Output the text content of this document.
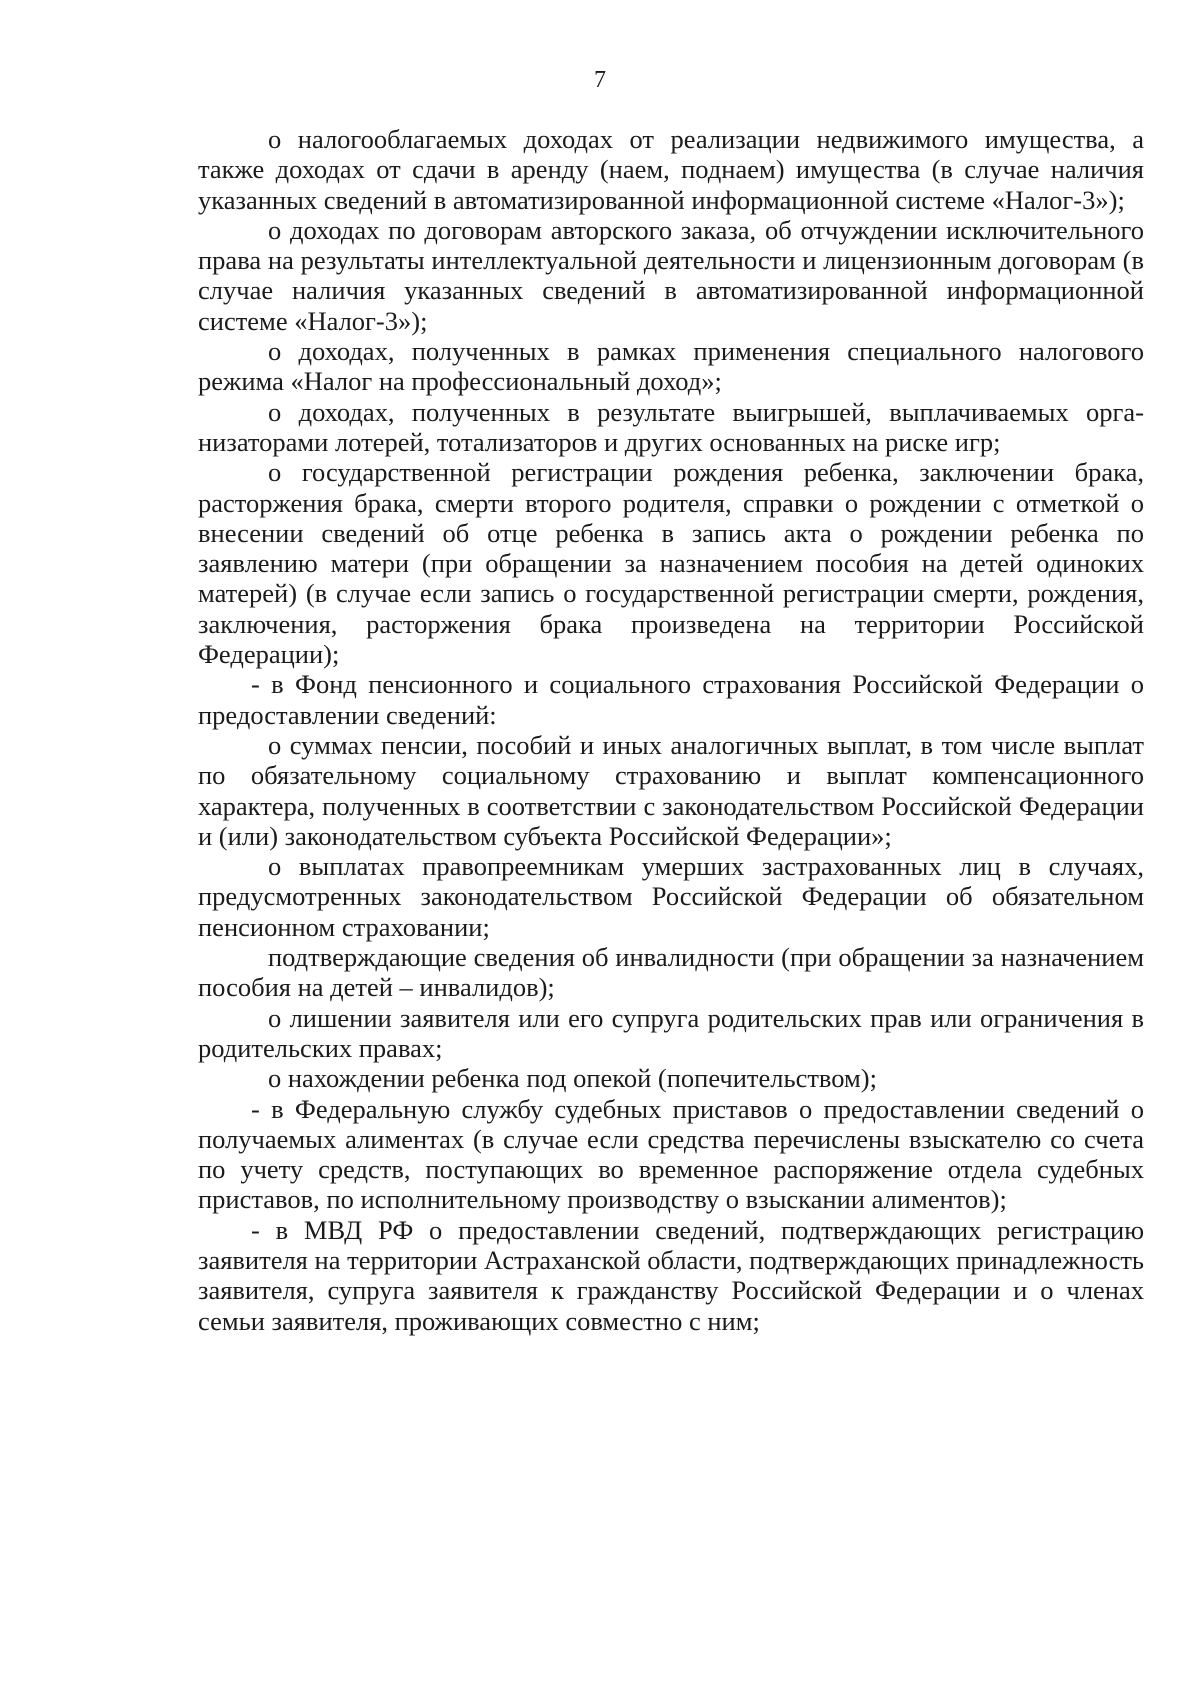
7

о налогооблагаемых доходах от реализации недвижимого имущества, а также доходах от сдачи в аренду (наем, поднаем) имущества (в случае наличия указанных сведений в автоматизированной информационной системе «Налог-3»);

о доходах по договорам авторского заказа, об отчуждении исключительного права на результаты интеллектуальной деятельности и лицензионным договорам (в случае наличия указанных сведений в автоматизированной информационной системе «Налог-3»);

о доходах, полученных в рамках применения специального налогового режима «Налог на профессиональный доход»;

о доходах, полученных в результате выигрышей, выплачиваемых организаторами лотерей, тотализаторов и других основанных на риске игр;

о государственной регистрации рождения ребенка, заключении брака, расторжения брака, смерти второго родителя, справки о рождении с отметкой о внесении сведений об отце ребенка в запись акта о рождении ребенка по заявлению матери (при обращении за назначением пособия на детей одиноких матерей) (в случае если запись о государственной регистрации смерти, рождения, заключения, расторжения брака произведена на территории Российской Федерации);

- в Фонд пенсионного и социального страхования Российской Федерации о предоставлении сведений:

о суммах пенсии, пособий и иных аналогичных выплат, в том числе выплат по обязательному социальному страхованию и выплат компенсационного характера, полученных в соответствии с законодательством Российской Федерации и (или) законодательством субъекта Российской Федерации»;

о выплатах правопреемникам умерших застрахованных лиц в случаях, предусмотренных законодательством Российской Федерации об обязательном пенсионном страховании;

подтверждающие сведения об инвалидности (при обращении за назначением пособия на детей – инвалидов);

о лишении заявителя или его супруга родительских прав или ограничения в родительских правах;

о нахождении ребенка под опекой (попечительством);

- в Федеральную службу судебных приставов о предоставлении сведений о получаемых алиментах (в случае если средства перечислены взыскателю со счета по учету средств, поступающих во временное распоряжение отдела судебных приставов, по исполнительному производству о взыскании алиментов);

- в МВД РФ о предоставлении сведений, подтверждающих регистрацию заявителя на территории Астраханской области, подтверждающих принадлежность заявителя, супруга заявителя к гражданству Российской Федерации и о членах семьи заявителя, проживающих совместно с ним;
